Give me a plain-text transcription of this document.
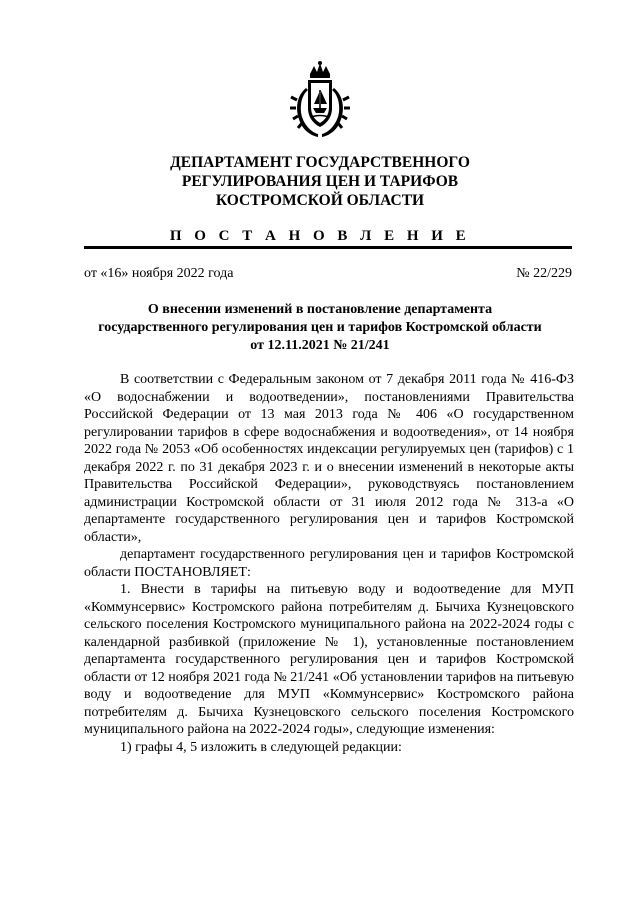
ДЕПАРТАМЕНТ ГОСУДАРСТВЕННОГО
РЕГУЛИРОВАНИЯ ЦЕН И ТАРИФОВ
КОСТРОМСКОЙ ОБЛАСТИ
П О С Т А Н О В Л Е Н И Е
от «16» ноября 2022 года	№ 22/229
О внесении изменений в постановление департамента
государственного регулирования цен и тарифов Костромской области
от 12.11.2021 № 21/241

В соответствии с Федеральным законом от 7 декабря 2011 года № 416-ФЗ «О водоснабжении и водоотведении», постановлениями Правительства Российской Федерации от 13 мая 2013 года № 406 «О государственном регулировании тарифов в сфере водоснабжения и водоотведения», от 14 ноября 2022 года № 2053 «Об особенностях индексации регулируемых цен (тарифов) с 1 декабря 2022 г. по 31 декабря 2023 г. и о внесении изменений в некоторые акты Правительства Российской Федерации», руководствуясь постановлением администрации Костромской области от 31 июля 2012 года № 313-а «О департаменте государственного регулирования цен и тарифов Костромской области»,

департамент государственного регулирования цен и тарифов Костромской области ПОСТАНОВЛЯЕТ:

1. Внести в тарифы на питьевую воду и водоотведение для МУП «Коммунсервис» Костромского района потребителям д. Бычиха Кузнецовского сельского поселения Костромского муниципального района на 2022-2024 годы с календарной разбивкой (приложение № 1), установленные постановлением департамента государственного регулирования цен и тарифов Костромской области от 12 ноября 2021 года № 21/241 «Об установлении тарифов на питьевую воду и водоотведение для МУП «Коммунсервис» Костромского района потребителям д. Бычиха Кузнецовского сельского поселения Костромского муниципального района на 2022-2024 годы», следующие изменения:

1) графы 4, 5 изложить в следующей редакции:
